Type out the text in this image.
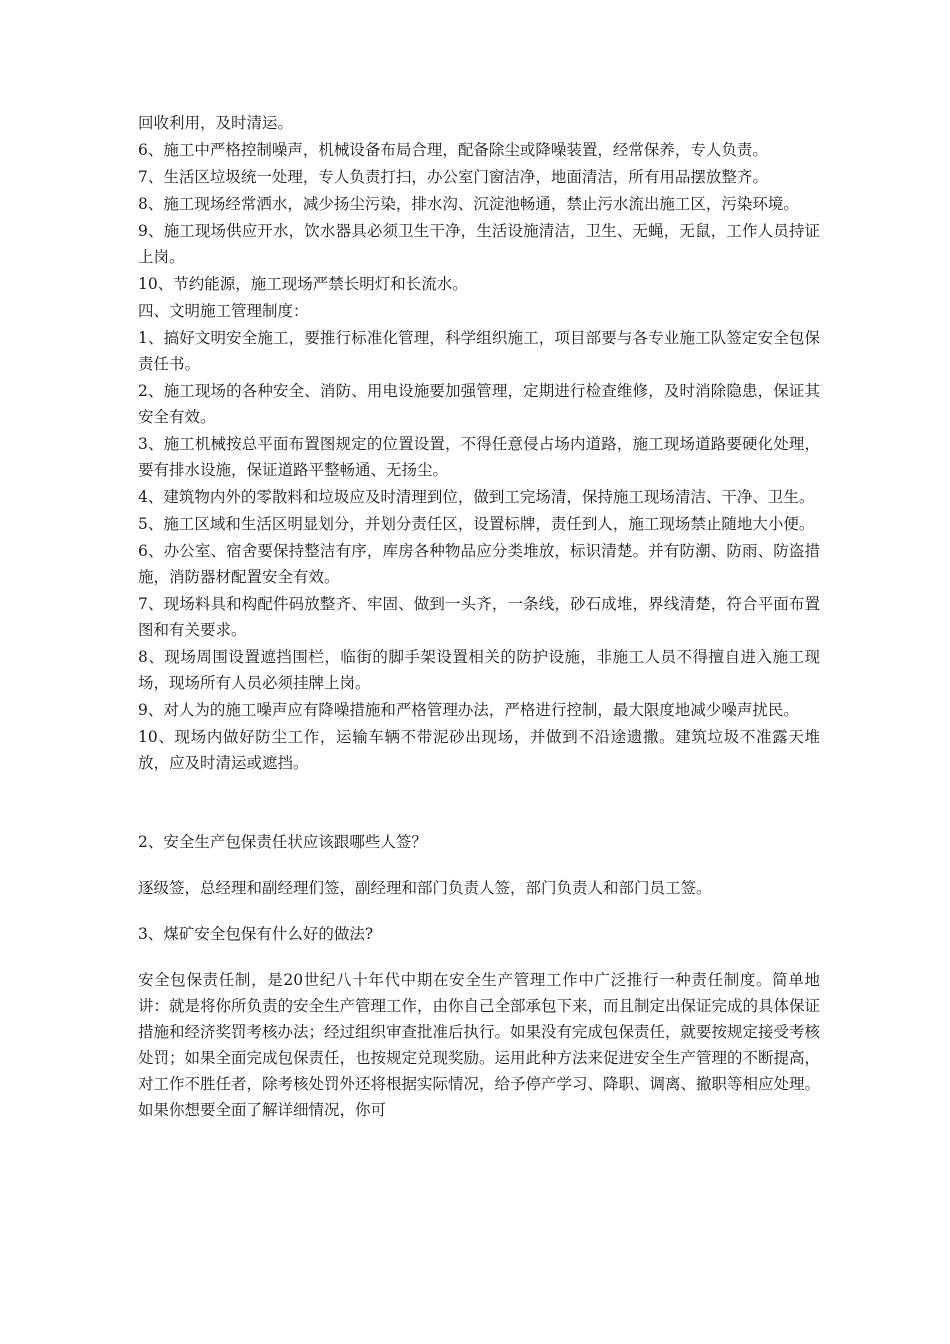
回收利用，及时清运。

6、施工中严格控制噪声，机械设备布局合理，配备除尘或降噪装置，经常保养，专人负责。

7、生活区垃圾统一处理，专人负责打扫，办公室门窗洁净，地面清洁，所有用品摆放整齐。

8、施工现场经常洒水，减少扬尘污染，排水沟、沉淀池畅通，禁止污水流出施工区，污染环境。

9、施工现场供应开水，饮水器具必须卫生干净，生活设施清洁，卫生、无蝇，无鼠，工作人员持证上岗。

10、节约能源，施工现场严禁长明灯和长流水。

四、文明施工管理制度：

1、搞好文明安全施工，要推行标准化管理，科学组织施工，项目部要与各专业施工队签定安全包保责任书。

2、施工现场的各种安全、消防、用电设施要加强管理，定期进行检查维修，及时消除隐患，保证其安全有效。

3、施工机械按总平面布置图规定的位置设置，不得任意侵占场内道路，施工现场道路要硬化处理，要有排水设施，保证道路平整畅通、无扬尘。

4、建筑物内外的零散料和垃圾应及时清理到位，做到工完场清，保持施工现场清洁、干净、卫生。

5、施工区域和生活区明显划分，并划分责任区，设置标牌，责任到人，施工现场禁止随地大小便。

6、办公室、宿舍要保持整洁有序，库房各种物品应分类堆放，标识清楚。并有防潮、防雨、防盗措施，消防器材配置安全有效。

7、现场料具和构配件码放整齐、牢固、做到一头齐，一条线，砂石成堆，界线清楚，符合平面布置图和有关要求。

8、现场周围设置遮挡围栏，临街的脚手架设置相关的防护设施，非施工人员不得擅自进入施工现场，现场所有人员必须挂牌上岗。

9、对人为的施工噪声应有降噪措施和严格管理办法，严格进行控制，最大限度地减少噪声扰民。

10、现场内做好防尘工作，运输车辆不带泥砂出现场，并做到不沿途遗撒。建筑垃圾不准露天堆放，应及时清运或遮挡。

2、安全生产包保责任状应该跟哪些人签？

逐级签，总经理和副经理们签，副经理和部门负责人签，部门负责人和部门员工签。

3、煤矿安全包保有什么好的做法?

安全包保责任制，是20世纪八十年代中期在安全生产管理工作中广泛推行一种责任制度。简单地讲：就是将你所负责的安全生产管理工作，由你自己全部承包下来，而且制定出保证完成的具体保证措施和经济奖罚考核办法；经过组织审查批准后执行。如果没有完成包保责任，就要按规定接受考核处罚；如果全面完成包保责任，也按规定兑现奖励。运用此种方法来促进安全生产管理的不断提高，对工作不胜任者，除考核处罚外还将根据实际情况，给予停产学习、降职、调离、撤职等相应处理。如果你想要全面了解详细情况，你可
